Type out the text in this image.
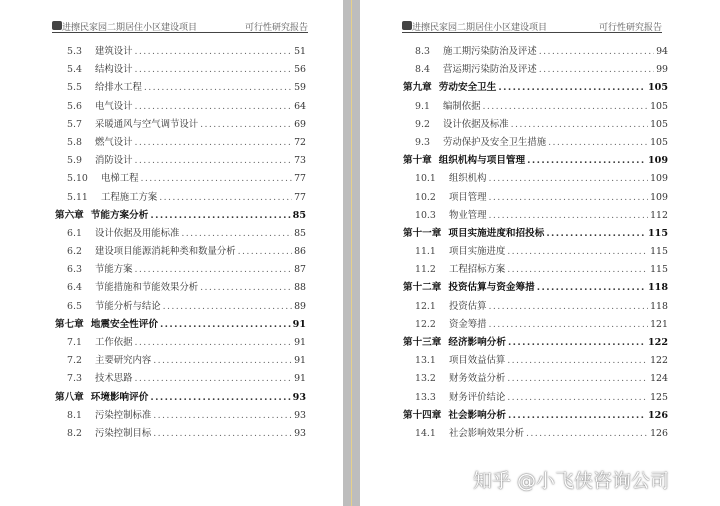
进擦民家园二期居住小区建设项目	可行性研究报告
5.3	建筑设计 .....	51
5.4	结构设计 .....	56
5.5	给排水工程 .....	59
5.6	电气设计 .....	64
5.7	采暖通风与空气调节设计 .....	69
5.8	燃气设计 .....	72
5.9	消防设计 .....	73
5.10	电梯工程 .....	77
5.11	工程施工方案 .....	77
第六章 节能方案分析 .....	85
6.1	设计依据及用能标准 .....	85
6.2	建设项目能源消耗种类和数量分析 .....	86
6.3	节能方案 .....	87
6.4	节能措施和节能效果分析 .....	88
6.5	节能分析与结论 .....	89
第七章 地震安全性评价 .....	91
7.1	工作依据 .....	91
7.2	主要研究内容 .....	91
7.3	技术思路 .....	91
第八章 环境影响评价 .....	93
8.1	污染控制标准 .....	93
8.2	污染控制目标 .....	93
进擦民家园二期居住小区建设项目	可行性研究报告
8.3	施工期污染防治及评述 .....	94
8.4	营运期污染防治及评述 .....	99
第九章 劳动安全卫生 .....	105
9.1	编制依据 .....	105
9.2	设计依据及标准 .....	105
9.3	劳动保护及安全卫生措施 .....	105
第十章 组织机构与项目管理 .....	109
10.1	组织机构 .....	109
10.2	项目管理 .....	109
10.3	物业管理 .....	112
第十一章 项目实施进度和招投标 .....	115
11.1	项目实施进度 .....	115
11.2	工程招标方案 .....	115
第十二章 投资估算与资金筹措 .....	118
12.1	投资估算 .....	118
12.2	资金筹措 .....	121
第十三章 经济影响分析 .....	122
13.1	项目效益估算 .....	122
13.2	财务效益分析 .....	124
13.3	财务评价结论 .....	125
第十四章 社会影响分析 .....	126
14.1	社会影响效果分析 .....	126
知乎 @小飞侠咨询公司
